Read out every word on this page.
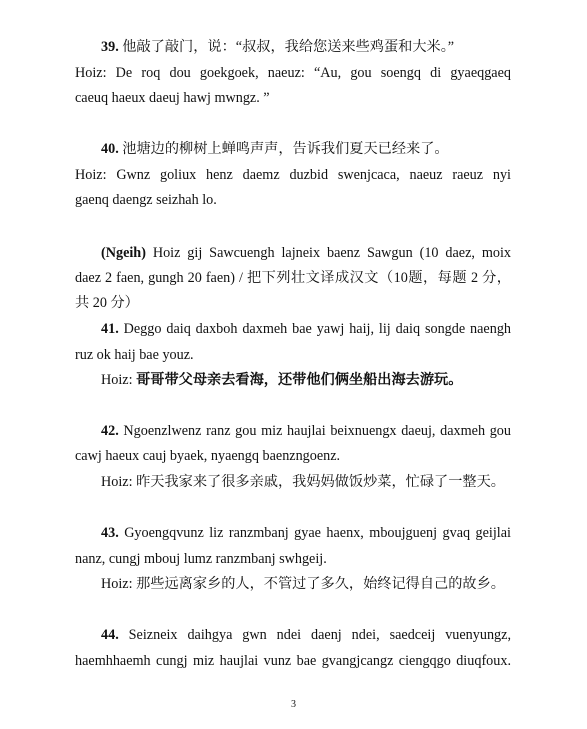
39. 他敲了敲门，说：“叔叔，我给您送来些鸡蛋和大米。”
Hoiz: De roq dou goekgoek, naeuz: “Au, gou soengq di gyaeqgaeq
caeuq haeux daeuj hawj mwngz. ”
40. 池塘边的柳树上蝉鸣声声，告诉我们夏天已经来了。
Hoiz: Gwnz goliux henz daemz duzbid swenjcaca, naeuz raeuz nyi
gaenq daengz seizhah lo.
(Ngeih) Hoiz gij Sawcuengh lajneix baenz Sawgun (10 daez, moix
daez 2 faen, gungh 20 faen) / 把下列壮文译成汉文（10题，每题 2 分，
共 20 分）
41. Deggo daiq daxboh daxmeh bae yawj haij, lij daiq songde naengh
ruz ok haij bae youz.
Hoiz: 哥哥带父母亲去看海，还带他们俩坐船出海去游玩。
42. Ngoenzlwenz ranz gou miz haujlai beixnuengx daeuj, daxmeh gou
cawj haeux cauj byaek, nyaengq baenzngoenz.
Hoiz: 昨天我家来了很多亲戚，我妈妈做饭炒菜，忙碌了一整天。
43. Gyoengqvunz liz ranzmbanj gyae haenx, mboujguenj gvaq geijlai
nanz, cungj mbouj lumz ranzmbanj swhgeij.
Hoiz: 那些远离家乡的人，不管过了多久，始终记得自己的故乡。
44. Seizneix daihgya gwn ndei daenj ndei, saedceij vuenyungz,
haemhhaemh cungj miz haujlai vunz bae gvangjcangz ciengqgo diuqfoux.
3
